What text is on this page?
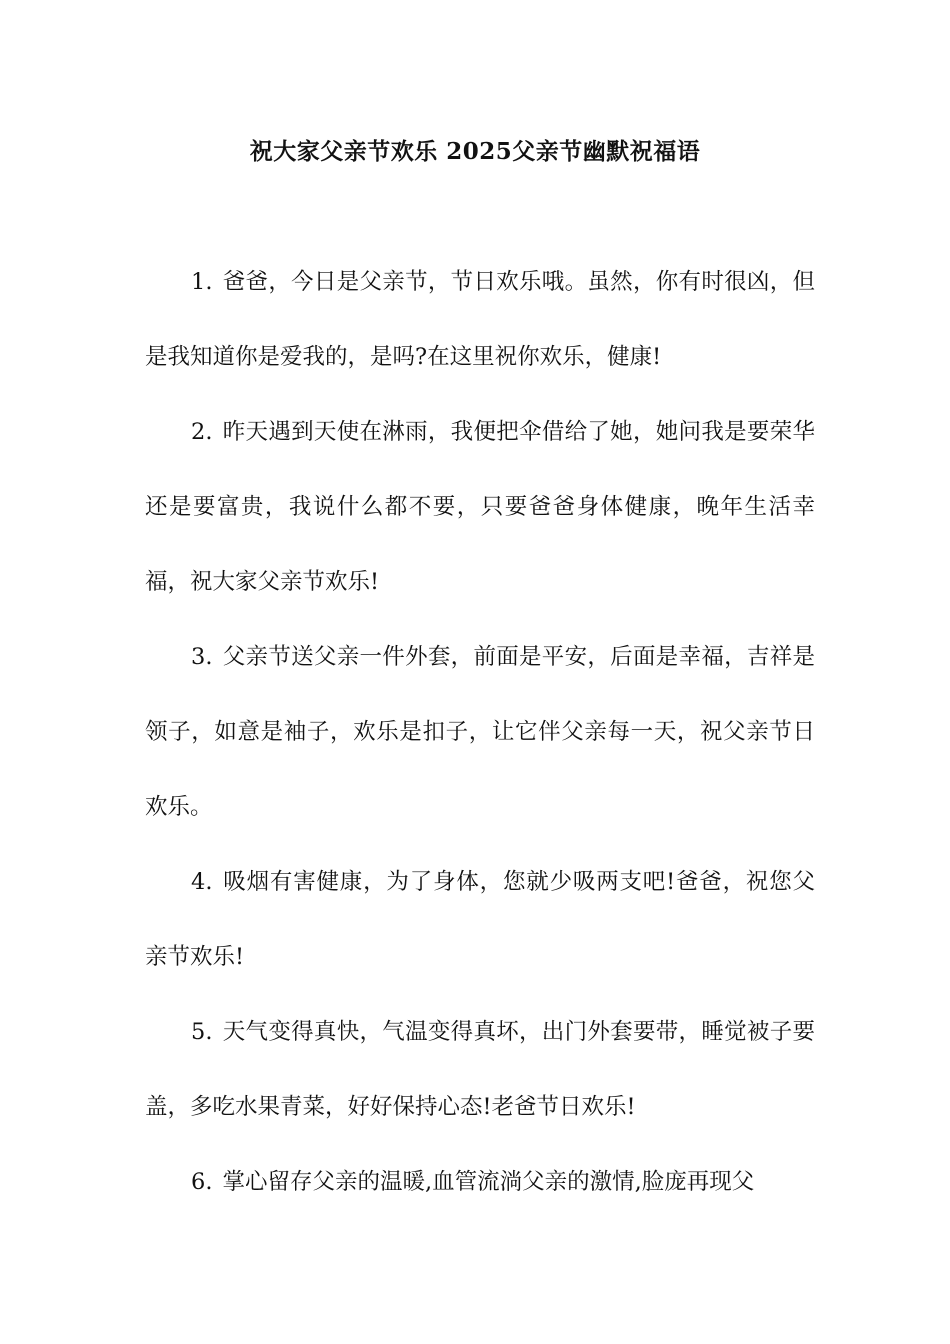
祝大家父亲节欢乐 2025父亲节幽默祝福语

1. 爸爸，今日是父亲节，节日欢乐哦。虽然，你有时很凶，但是我知道你是爱我的，是吗?在这里祝你欢乐，健康!

2. 昨天遇到天使在淋雨，我便把伞借给了她，她问我是要荣华还是要富贵，我说什么都不要，只要爸爸身体健康，晚年生活幸福，祝大家父亲节欢乐!

3. 父亲节送父亲一件外套，前面是平安，后面是幸福，吉祥是领子，如意是袖子，欢乐是扣子，让它伴父亲每一天，祝父亲节日欢乐。

4. 吸烟有害健康，为了身体，您就少吸两支吧!爸爸，祝您父亲节欢乐!

5. 天气变得真快，气温变得真坏，出门外套要带，睡觉被子要盖，多吃水果青菜，好好保持心态!老爸节日欢乐!

6. 掌心留存父亲的温暖,血管流淌父亲的激情,脸庞再现父
